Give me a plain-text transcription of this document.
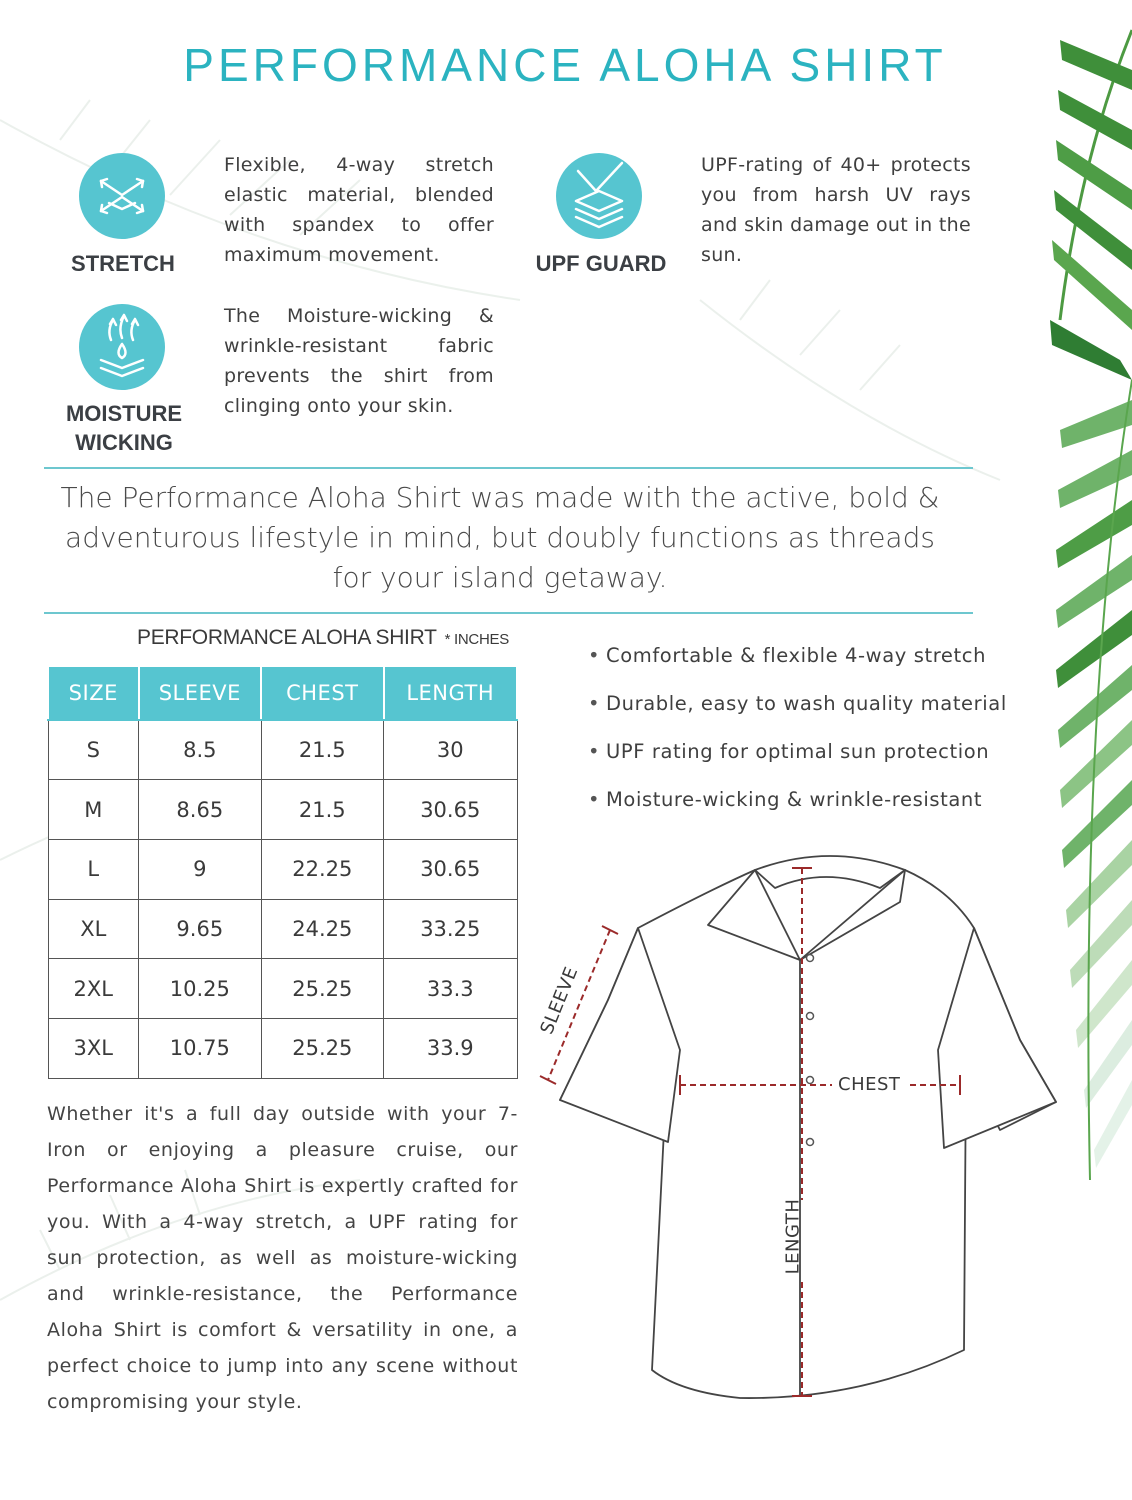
PERFORMANCE ALOHA SHIRT
STRETCH

Flexible, 4-way stretch elastic material, blended with spandex to offer maximum movement.	UPF GUARD

UPF-rating of 40+ protects you from harsh UV rays and skin damage out in the sun.

MOISTURE
WICKING

The Moisture-wicking & wrinkle-resistant fabric prevents the shirt from clinging onto your skin.

The Performance Aloha Shirt was made with the active, bold & adventurous lifestyle in mind, but doubly functions as threads for your island getaway.

PERFORMANCE ALOHA SHIRT * INCHES
SIZE	SLEEVE	CHEST	LENGTH
S	8.5	21.5	30
M	8.65	21.5	30.65
L	9	22.25	30.65
XL	9.65	24.25	33.25
2XL	10.25	25.25	33.3
3XL	10.75	25.25	33.9

Whether it's a full day outside with your 7-Iron or enjoying a pleasure cruise, our Performance Aloha Shirt is expertly crafted for you. With a 4-way stretch, a UPF rating for sun protection, as well as moisture-wicking and wrinkle-resistance, the Performance Aloha Shirt is comfort & versatility in one, a perfect choice to jump into any scene without compromising your style.

• Comfortable & flexible 4-way stretch
• Durable, easy to wash quality material
• UPF rating for optimal sun protection
• Moisture-wicking & wrinkle-resistant
CHEST
LENGTH
SLEEVE
